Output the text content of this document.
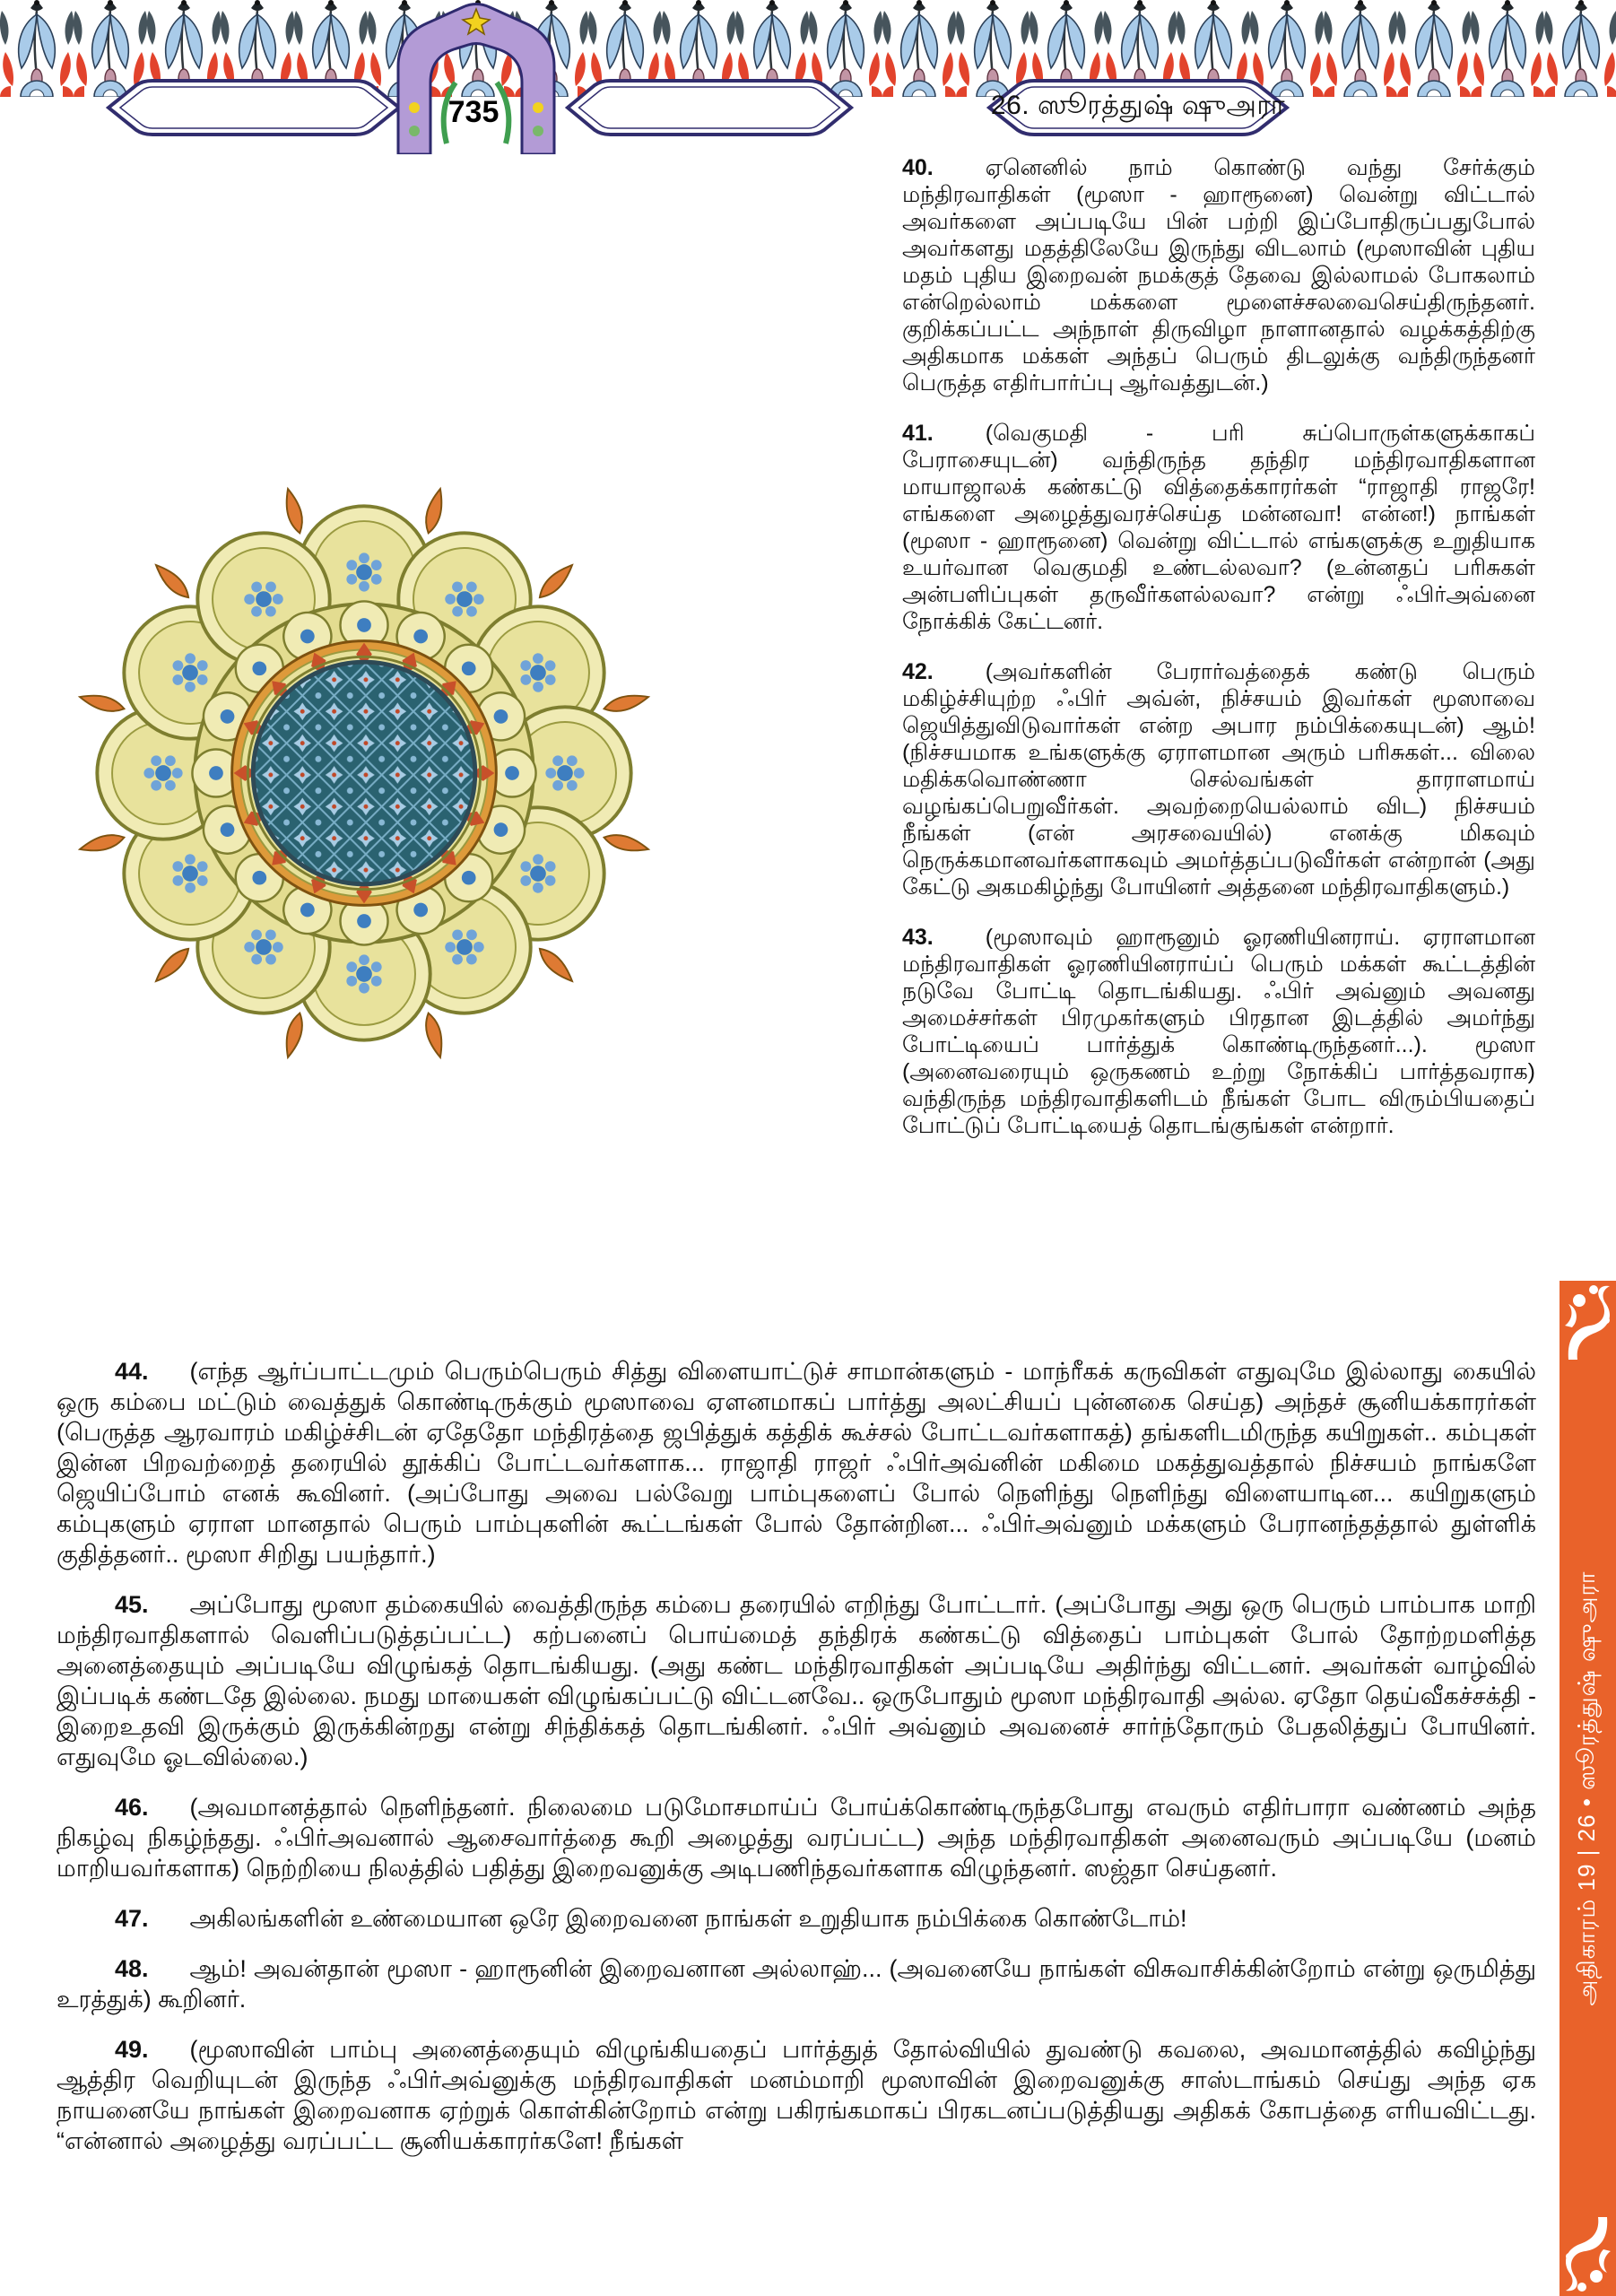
735	26. ஸூரத்துஷ் ஷுஅரா

40. ஏனெனில் நாம் கொண்டு வந்து சேர்க்கும் மந்திரவாதிகள் (மூஸா - ஹாரூனை) வென்று விட்டால் அவர்களை அப்படியே பின் பற்றி இப்போதிருப்பதுபோல் அவர்களது மதத்திலேயே இருந்து விடலாம் (மூஸாவின் புதிய மதம் புதிய இறைவன் நமக்குத் தேவை இல்லாமல் போகலாம் என்றெல்லாம் மக்களை மூளைச்சலவைசெய்திருந்தனர். குறிக்கப்பட்ட அந்நாள் திருவிழா நாளானதால் வழக்கத்திற்கு அதிகமாக மக்கள் அந்தப் பெரும் திடலுக்கு வந்திருந்தனர் பெருத்த எதிர்பார்ப்பு ஆர்வத்துடன்.)

41. (வெகுமதி - பரி சுப்பொருள்களுக்காகப் பேராசையுடன்) வந்திருந்த தந்திர மந்திரவாதிகளான மாயாஜாலக் கண்கட்டு வித்தைக்காரர்கள் “ராஜாதி ராஜரே! எங்களை அழைத்துவரச்செய்த மன்னவா! என்ன!) நாங்கள் (மூஸா - ஹாரூனை) வென்று விட்டால் எங்களுக்கு உறுதியாக உயர்வான வெகுமதி உண்டல்லவா? (உன்னதப் பரிசுகள் அன்பளிப்புகள் தருவீர்களல்லவா? என்று ஃபிர்அவ்னை நோக்கிக் கேட்டனர்.

42. (அவர்களின் பேரார்வத்தைக் கண்டு பெரும் மகிழ்ச்சியுற்ற ஃபிர் அவ்ன், நிச்சயம் இவர்கள் மூஸாவை ஜெயித்துவிடுவார்கள் என்ற அபார நம்பிக்கையுடன்) ஆம்! (நிச்சயமாக உங்களுக்கு ஏராளமான அரும் பரிசுகள்... விலை மதிக்கவொண்ணா செல்வங்கள் தாராளமாய் வழங்கப்பெறுவீர்கள். அவற்றையெல்லாம் விட) நிச்சயம் நீங்கள் (என் அரசவையில்) எனக்கு மிகவும் நெருக்கமானவர்களாகவும் அமர்த்தப்படுவீர்கள் என்றான் (அது கேட்டு அகமகிழ்ந்து போயினர் அத்தனை மந்திரவாதிகளும்.)

43. (மூஸாவும் ஹாரூனும் ஓரணியினராய். ஏராளமான மந்திரவாதிகள் ஓரணியினராய்ப் பெரும் மக்கள் கூட்டத்தின் நடுவே போட்டி தொடங்கியது. ஃபிர் அவ்னும் அவனது அமைச்சர்கள் பிரமுகர்களும் பிரதான இடத்தில் அமர்ந்து போட்டியைப் பார்த்துக் கொண்டிருந்தனர்...). மூஸா (அனைவரையும் ஒருகணம் உற்று நோக்கிப் பார்த்தவராக) வந்திருந்த மந்திரவாதிகளிடம் நீங்கள் போட விரும்பியதைப் போட்டுப் போட்டியைத் தொடங்குங்கள் என்றார்.

44. (எந்த ஆர்ப்பாட்டமும் பெரும்பெரும் சித்து விளையாட்டுச் சாமான்களும் - மாந்ரீகக் கருவிகள் எதுவுமே இல்லாது கையில் ஒரு கம்பை மட்டும் வைத்துக் கொண்டிருக்கும் மூஸாவை ஏளனமாகப் பார்த்து அலட்சியப் புன்னகை செய்த) அந்தச் சூனியக்காரர்கள் (பெருத்த ஆரவாரம் மகிழ்ச்சிடன் ஏதேதோ மந்திரத்தை ஜபித்துக் கத்திக் கூச்சல் போட்டவர்களாகத்) தங்களிடமிருந்த கயிறுகள்.. கம்புகள் இன்ன பிறவற்றைத் தரையில் தூக்கிப் போட்டவர்களாக... ராஜாதி ராஜர் ஃபிர்அவ்னின் மகிமை மகத்துவத்தால் நிச்சயம் நாங்களே ஜெயிப்போம் எனக் கூவினர். (அப்போது அவை பல்வேறு பாம்புகளைப் போல் நெளிந்து நெளிந்து விளையாடின... கயிறுகளும் கம்புகளும் ஏராள மானதால் பெரும் பாம்புகளின் கூட்டங்கள் போல் தோன்றின... ஃபிர்அவ்னும் மக்களும் பேரானந்தத்தால் துள்ளிக் குதித்தனர்.. மூஸா சிறிது பயந்தார்.)

45. அப்போது மூஸா தம்கையில் வைத்திருந்த கம்பை தரையில் எறிந்து போட்டார். (அப்போது அது ஒரு பெரும் பாம்பாக மாறி மந்திரவாதிகளால் வெளிப்படுத்தப்பட்ட) கற்பனைப் பொய்மைத் தந்திரக் கண்கட்டு வித்தைப் பாம்புகள் போல் தோற்றமளித்த அனைத்தையும் அப்படியே விழுங்கத் தொடங்கியது. (அது கண்ட மந்திரவாதிகள் அப்படியே அதிர்ந்து விட்டனர். அவர்கள் வாழ்வில் இப்படிக் கண்டதே இல்லை. நமது மாயைகள் விழுங்கப்பட்டு விட்டனவே.. ஒருபோதும் மூஸா மந்திரவாதி அல்ல. ஏதோ தெய்வீகச்சக்தி - இறைஉதவி இருக்கும் இருக்கின்றது என்று சிந்திக்கத் தொடங்கினர். ஃபிர் அவ்னும் அவனைச் சார்ந்தோரும் பேதலித்துப் போயினர். எதுவுமே ஓடவில்லை.)

46. (அவமானத்தால் நெளிந்தனர். நிலைமை படுமோசமாய்ப் போய்க்கொண்டிருந்தபோது எவரும் எதிர்பாரா வண்ணம் அந்த நிகழ்வு நிகழ்ந்தது. ஃபிர்அவனால் ஆசைவார்த்தை கூறி அழைத்து வரப்பட்ட) அந்த மந்திரவாதிகள் அனைவரும் அப்படியே (மனம் மாறியவர்களாக) நெற்றியை நிலத்தில் பதித்து இறைவனுக்கு அடிபணிந்தவர்களாக விழுந்தனர். ஸஜ்தா செய்தனர்.

47. அகிலங்களின் உண்மையான ஒரே இறைவனை நாங்கள் உறுதியாக நம்பிக்கை கொண்டோம்!

48. ஆம்! அவன்தான் மூஸா - ஹாரூனின் இறைவனான அல்லாஹ்... (அவனையே நாங்கள் விசுவாசிக்கின்றோம் என்று ஒருமித்து உரத்துக்) கூறினர்.

49. (மூஸாவின் பாம்பு அனைத்தையும் விழுங்கியதைப் பார்த்துத் தோல்வியில் துவண்டு கவலை, அவமானத்தில் கவிழ்ந்து ஆத்திர வெறியுடன் இருந்த ஃபிர்அவ்னுக்கு மந்திரவாதிகள் மனம்மாறி மூஸாவின் இறைவனுக்கு சாஸ்டாங்கம் செய்து அந்த ஏக நாயனையே நாங்கள் இறைவனாக ஏற்றுக் கொள்கின்றோம் என்று பகிரங்கமாகப் பிரகடனப்படுத்தியது அதிகக் கோபத்தை எரியவிட்டது. “என்னால் அழைத்து வரப்பட்ட சூனியக்காரர்களே! நீங்கள்

அதிகாரம் 19 | 26 • ஸூரத்துஷ் ஷுஅரா
